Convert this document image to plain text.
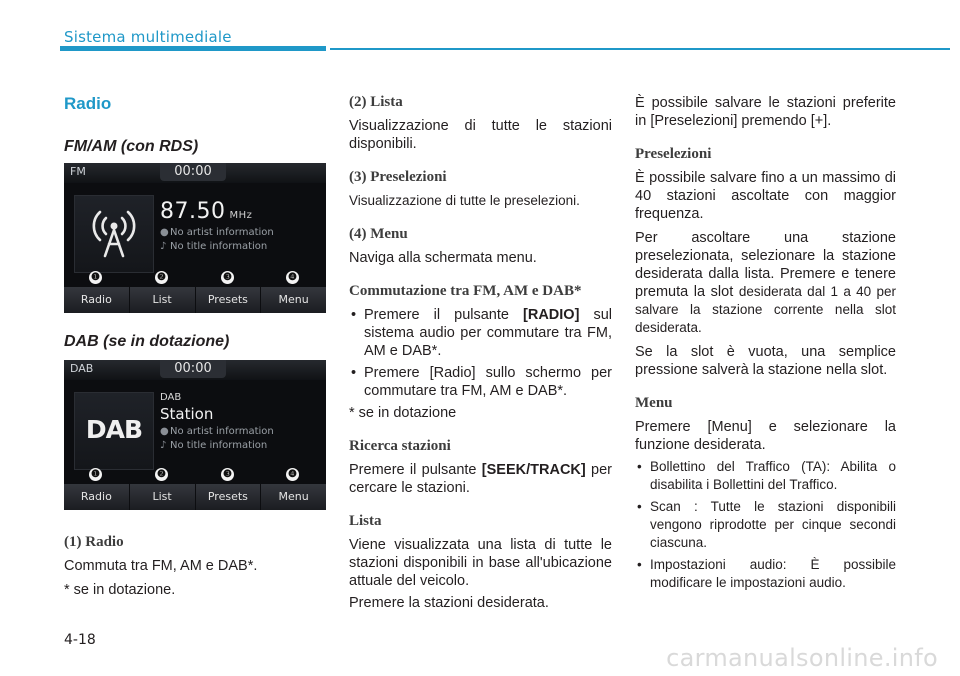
Sistema multimediale
Radio
FM/AM (con RDS)
FM	00:00
87.50 MHz
●No artist information
♪ No title information
❶	❷	❸	❹
Radio	List	Presets	Menu
DAB (se in dotazione)
DAB	00:00
DAB
DAB
Station
●No artist information
♪ No title information
❶	❷	❸	❹
Radio	List	Presets	Menu
(1) Radio

Commuta tra FM, AM e DAB*.

* se in dotazione.

(2) Lista

Visualizzazione di tutte le stazioni disponibili.

(3) Preselezioni

Visualizzazione di tutte le preselezioni.

(4) Menu

Naviga alla schermata menu.

Commutazione tra FM, AM e DAB*
• Premere il pulsante [RADIO] sul sistema audio per commutare tra FM, AM e DAB*.
• Premere [Radio] sullo schermo per commutare tra FM, AM e DAB*.

* se in dotazione

Ricerca stazioni

Premere il pulsante [SEEK/TRACK] per cercare le stazioni.

Lista

Viene visualizzata una lista di tutte le stazioni disponibili in base all'ubicazione attuale del veicolo.

Premere la stazioni desiderata.

È possibile salvare le stazioni preferite in [Preselezioni] premendo [+].

Preselezioni

È possibile salvare fino a un massimo di 40 stazioni ascoltate con maggior frequenza.

Per ascoltare una stazione preselezionata, selezionare la stazione desiderata dalla lista. Premere e tenere premuta la slot desiderata dal 1 a 40 per salvare la stazione corrente nella slot desiderata.

Se la slot è vuota, una semplice pressione salverà la stazione nella slot.

Menu

Premere [Menu] e selezionare la funzione desiderata.

• Bollettino del Traffico (TA): Abilita o disabilita i Bollettini del Traffico.
• Scan : Tutte le stazioni disponibili vengono riprodotte per cinque secondi ciascuna.
• Impostazioni audio: È possibile modificare le impostazioni audio.
4-18
carmanualsonline.info
